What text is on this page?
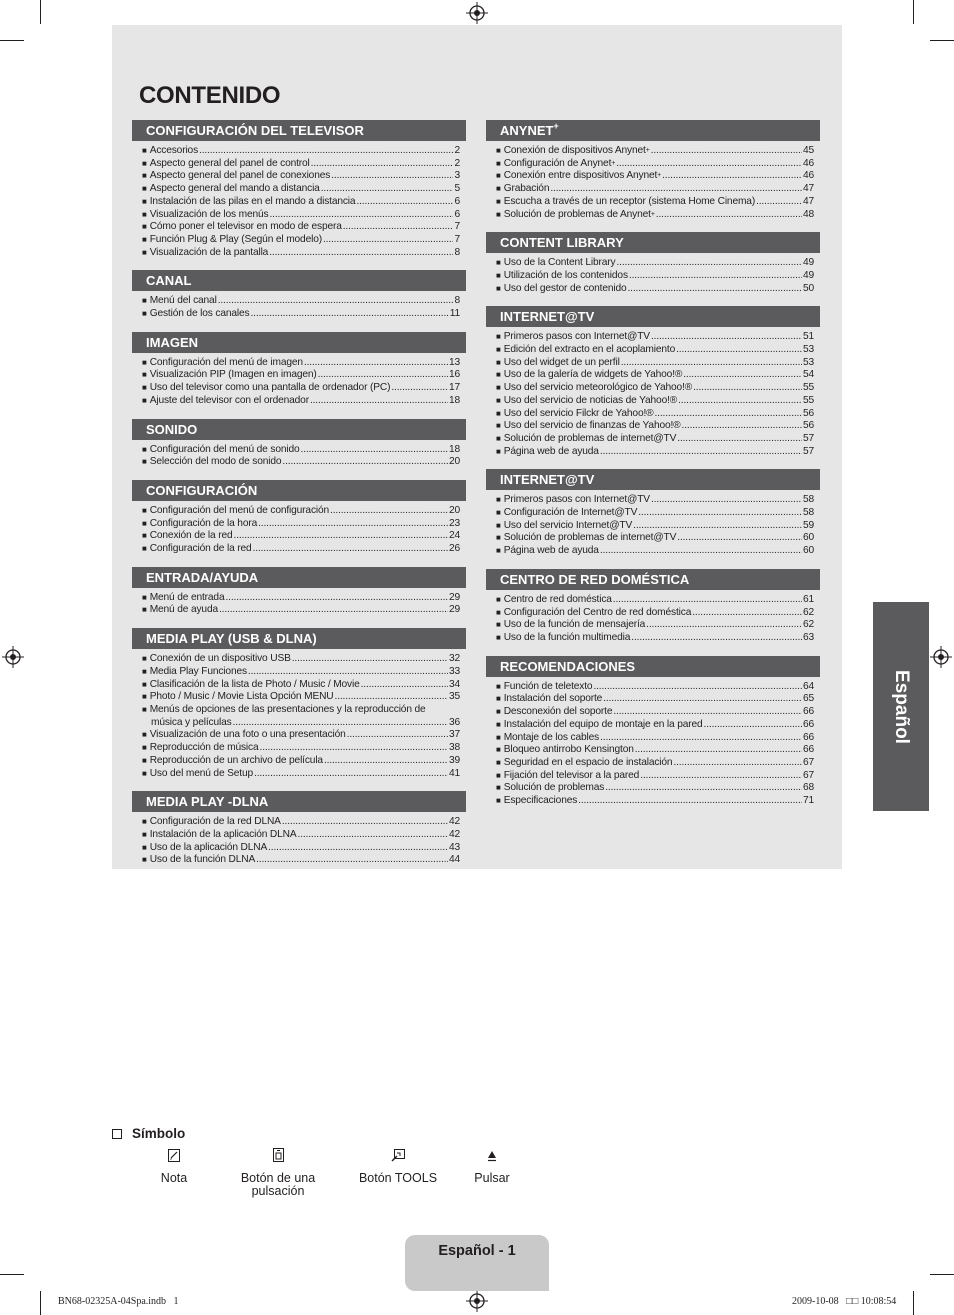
CONTENIDO
CONFIGURACIÓN DEL TELEVISOR
■ Accesorios .....	2
■ Aspecto general del panel de control .....	2
■ Aspecto general del panel de conexiones .....	3
■ Aspecto general del mando a distancia .....	5
■ Instalación de las pilas en el mando a distancia .....	6
■ Visualización de los menús .....	6
■ Cómo poner el televisor en modo de espera .....	7
■ Función Plug & Play (Según el modelo) .....	7
■ Visualización de la pantalla .....	8
CANAL
■ Menú del canal .....	8
■ Gestión de los canales .....	11
IMAGEN
■ Configuración del menú de imagen .....	13
■ Visualización PIP (Imagen en imagen) .....	16
■ Uso del televisor como una pantalla de ordenador (PC) .....	17
■ Ajuste del televisor con el ordenador .....	18
SONIDO
■ Configuración del menú de sonido .....	18
■ Selección del modo de sonido .....	20
CONFIGURACIÓN
■ Configuración del menú de configuración .....	20
■ Configuración de la hora .....	23
■ Conexión de la red .....	24
■ Configuración de la red .....	26
ENTRADA/AYUDA
■ Menú de entrada .....	29
■ Menú de ayuda .....	29
MEDIA PLAY (USB & DLNA)
■ Conexión de un dispositivo USB .....	32
■ Media Play Funciones .....	33
■ Clasificación de la lista de Photo / Music / Movie .....	34
■ Photo / Music / Movie Lista Opción MENU .....	35
■ Menús de opciones de las presentaciones y la reproducción de
música y películas .....	36
■ Visualización de una foto o una presentación .....	37
■ Reproducción de música .....	38
■ Reproducción de un archivo de película .....	39
■ Uso del menú de Setup .....	41
MEDIA PLAY -DLNA
■ Configuración de la red DLNA .....	42
■ Instalación de la aplicación DLNA .....	42
■ Uso de la aplicación DLNA .....	43
■ Uso de la función DLNA .....	44
ANYNET+
■ Conexión de dispositivos Anynet + .....	45
■ Configuración de Anynet + .....	46
■ Conexión entre dispositivos Anynet + .....	46
■ Grabación .....	47
■ Escucha a través de un receptor (sistema Home Cinema) .....	47
■ Solución de problemas de Anynet + .....	48
CONTENT LIBRARY
■ Uso de la Content Library .....	49
■ Utilización de los contenidos .....	49
■ Uso del gestor de contenido .....	50
INTERNET@TV
■ Primeros pasos con Internet@TV .....	51
■ Edición del extracto en el acoplamiento .....	53
■ Uso del widget de un perfil .....	53
■ Uso de la galería de widgets de Yahoo!® .....	54
■ Uso del servicio meteorológico de Yahoo!® .....	55
■ Uso del servicio de noticias de Yahoo!® .....	55
■ Uso del servicio Filckr de Yahoo!® .....	56
■ Uso del servicio de finanzas de Yahoo!® .....	56
■ Solución de problemas de internet@TV .....	57
■ Página web de ayuda .....	57
INTERNET@TV
■ Primeros pasos con Internet@TV .....	58
■ Configuración de Internet@TV .....	58
■ Uso del servicio Internet@TV .....	59
■ Solución de problemas de internet@TV .....	60
■ Página web de ayuda .....	60
CENTRO DE RED DOMÉSTICA
■ Centro de red doméstica .....	61
■ Configuración del Centro de red doméstica .....	62
■ Uso de la función de mensajería .....	62
■ Uso de la función multimedia .....	63
RECOMENDACIONES
■ Función de teletexto .....	64
■ Instalación del soporte .....	65
■ Desconexión del soporte .....	66
■ Instalación del equipo de montaje en la pared .....	66
■ Montaje de los cables .....	66
■ Bloqueo antirrobo Kensington .....	66
■ Seguridad en el espacio de instalación .....	67
■ Fijación del televisor a la pared .....	67
■ Solución de problemas .....	68
■ Especificaciones .....	71
Español
Símbolo
Nota	Botón de una
pulsación
Botón TOOLS	Pulsar
Español - 1
BN68-02325A-04Spa.indb   1	2009-10-08   □□ 10:08:54
